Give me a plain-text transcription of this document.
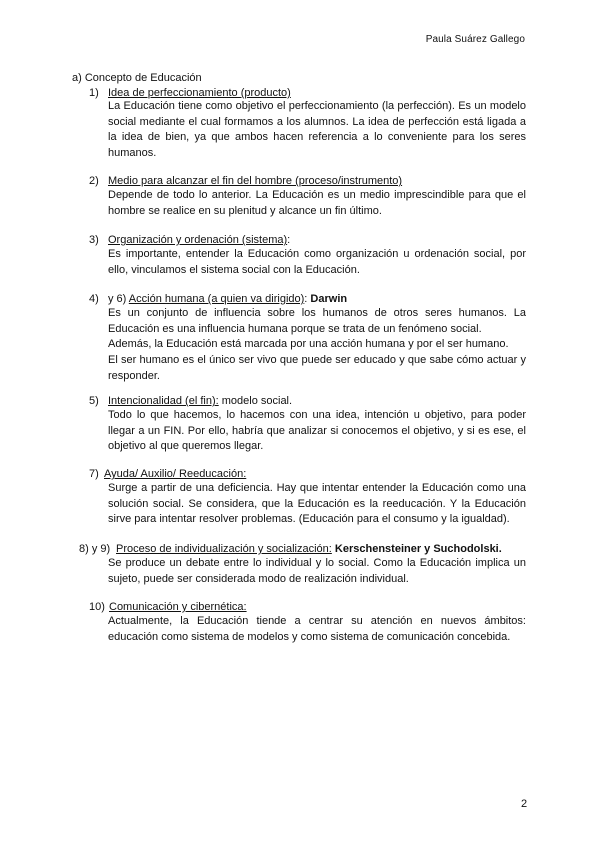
Paula Suárez Gallego
a) Concepto de Educación
1) Idea de perfeccionamiento (producto)

La Educación tiene como objetivo el perfeccionamiento (la perfección). Es un modelo social mediante el cual formamos a los alumnos. La idea de perfección está ligada a la idea de bien, ya que ambos hacen referencia a lo conveniente para los seres humanos.

2) Medio para alcanzar el fin del hombre (proceso/instrumento)

Depende de todo lo anterior. La Educación es un medio imprescindible para que el hombre se realice en su plenitud y alcance un fin último.

3) Organización y ordenación (sistema):

Es importante, entender la Educación como organización u ordenación social, por ello, vinculamos el sistema social con la Educación.

4) y 6) Acción humana (a quien va dirigido): Darwin

Es un conjunto de influencia sobre los humanos de otros seres humanos. La Educación es una influencia humana porque se trata de un fenómeno social.

Además, la Educación está marcada por una acción humana y por el ser humano.

El ser humano es el único ser vivo que puede ser educado y que sabe cómo actuar y responder.

5) Intencionalidad (el fin): modelo social.

Todo lo que hacemos, lo hacemos con una idea, intención u objetivo, para poder llegar a un FIN. Por ello, habría que analizar si conocemos el objetivo, y si es ese, el objetivo al que queremos llegar.

7) Ayuda/ Auxilio/ Reeducación:

Surge a partir de una deficiencia. Hay que intentar entender la Educación como una solución social. Se considera, que la Educación es la reeducación. Y la Educación sirve para intentar resolver problemas. (Educación para el consumo y la igualdad).

8) y 9) Proceso de individualización y socialización: Kerschensteiner y Suchodolski.

Se produce un debate entre lo individual y lo social. Como la Educación implica un sujeto, puede ser considerada modo de realización individual.

10) Comunicación y cibernética:

Actualmente, la Educación tiende a centrar su atención en nuevos ámbitos: educación como sistema de modelos y como sistema de comunicación concebida.

2
